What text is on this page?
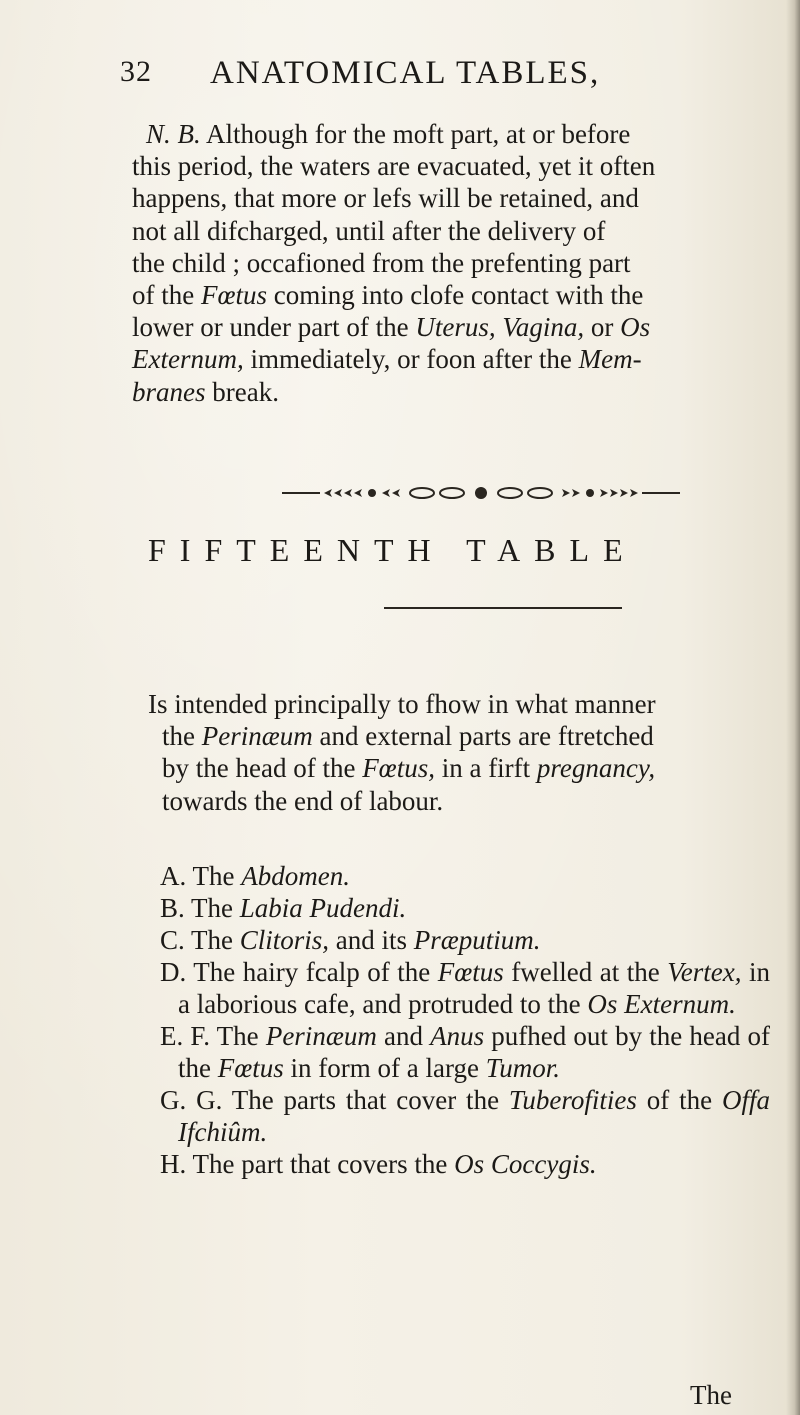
32 ANATOMICAL TABLES,
N. B. Although for the moft part, at or before
this period, the waters are evacuated, yet it often
happens, that more or lefs will be retained, and
not all difcharged, until after the delivery of
the child ; occafioned from the prefenting part
of the Fœtus coming into clofe contact with the
lower or under part of the Uterus, Vagina, or Os
Externum, immediately, or foon after the Mem-
branes break.
FIFTEENTH TABLE
Is intended principally to fhow in what manner
the Perinæum and external parts are ftretched
by the head of the Fœtus, in a firft pregnancy,
towards the end of labour.
A. The Abdomen.
B. The Labia Pudendi.
C. The Clitoris, and its Præputium.
D. The hairy fcalp of the Fœtus fwelled at the Vertex, in a laborious cafe, and protruded to the Os Externum.
E. F. The Perinæum and Anus pufhed out by the head of the Fœtus in form of a large Tumor.
G. G. The parts that cover the Tuberofities of the Offa Ifchiûm.
H. The part that covers the Os Coccygis.
The
